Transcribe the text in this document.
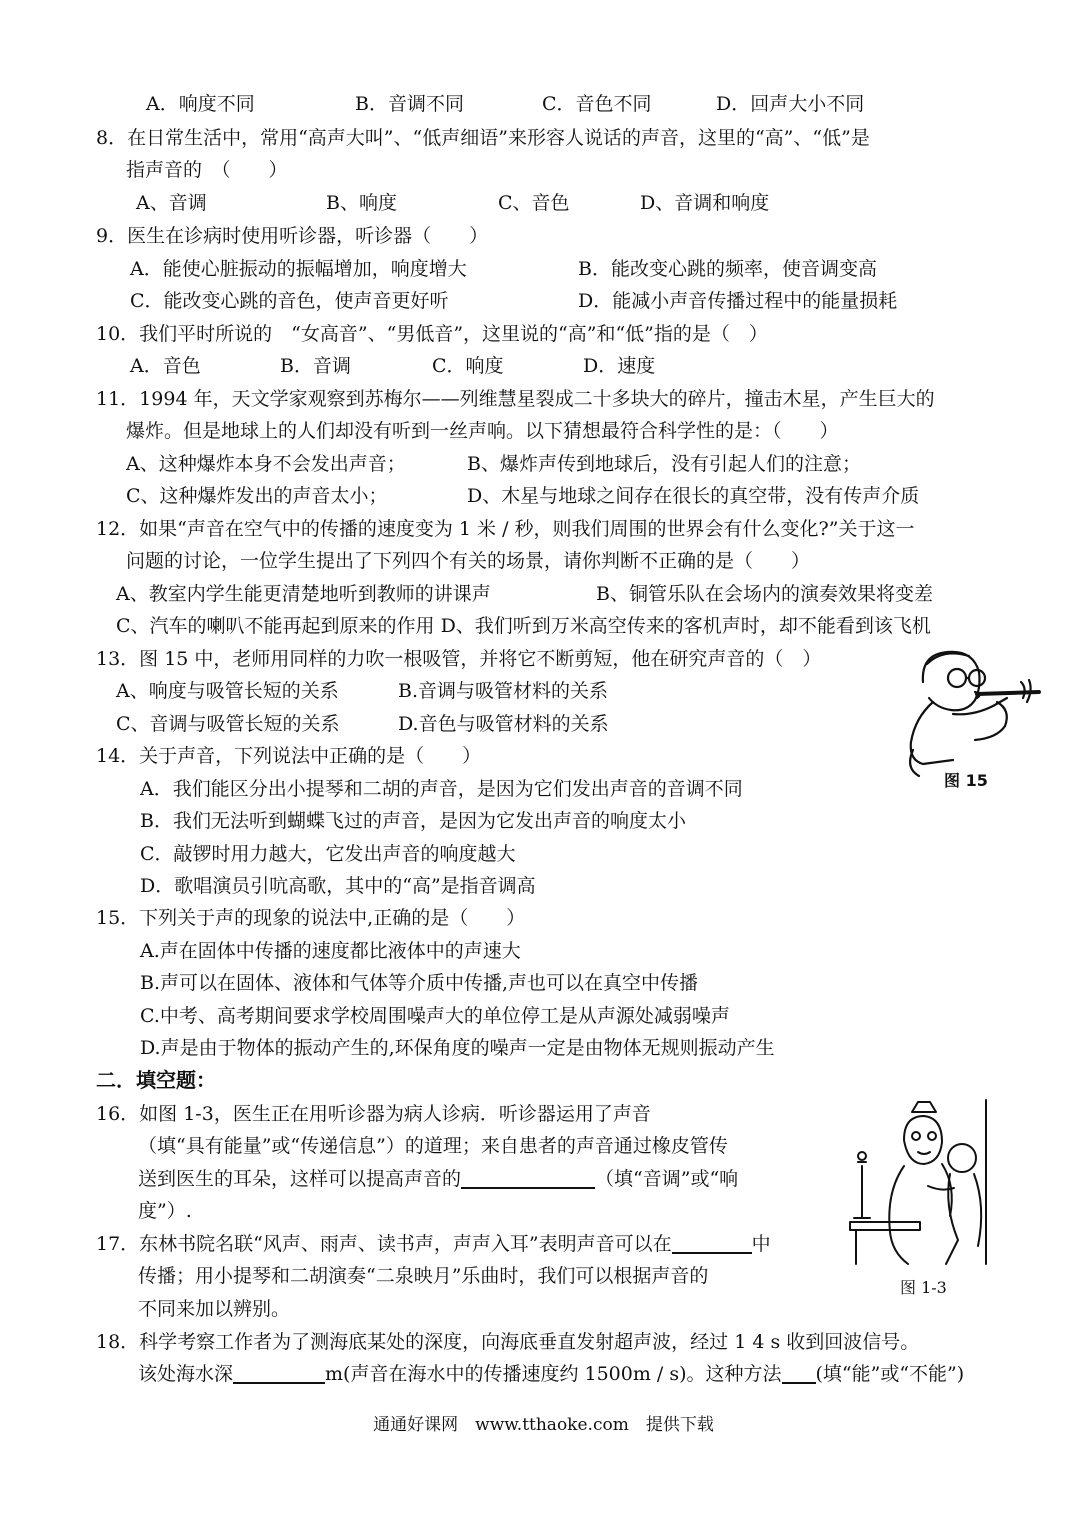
A．响度不同	B．音调不同	C．音色不同	D．回声大小不同
8．在日常生活中，常用“高声大叫”、“低声细语”来形容人说话的声音，这里的“高”、“低”是
指声音的　（　　）
A、音调	B、响度	C、音色	D、音调和响度
9．医生在诊病时使用听诊器，听诊器（　　）
A．能使心脏振动的振幅增加，响度增大	B．能改变心跳的频率，使音调变高
C．能改变心跳的音色，使声音更好听	D．能减小声音传播过程中的能量损耗
10．我们平时所说的　“女高音”、“男低音”，这里说的“高”和“低”指的是（　）
A．音色	B．音调	C．响度	D．速度
11．1994 年，天文学家观察到苏梅尔——列维慧星裂成二十多块大的碎片，撞击木星，产生巨大的
爆炸。但是地球上的人们却没有听到一丝声响。以下猜想最符合科学性的是：（　　）
A、这种爆炸本身不会发出声音；	B、爆炸声传到地球后，没有引起人们的注意；
C、这种爆炸发出的声音太小；	D、木星与地球之间存在很长的真空带，没有传声介质
12．如果“声音在空气中的传播的速度变为 1 米 / 秒，则我们周围的世界会有什么变化?”关于这一
问题的讨论，一位学生提出了下列四个有关的场景，请你判断不正确的是（　　）
A、教室内学生能更清楚地听到教师的讲课声	B、铜管乐队在会场内的演奏效果将变差
C、汽车的喇叭不能再起到原来的作用 D、我们听到万米高空传来的客机声时，却不能看到该飞机
13．图 15 中，老师用同样的力吹一根吸管，并将它不断剪短，他在研究声音的（　）
A、响度与吸管长短的关系	B.音调与吸管材料的关系
C、音调与吸管长短的关系	D.音色与吸管材料的关系
图 15
14．关于声音，下列说法中正确的是（　　）
A．我们能区分出小提琴和二胡的声音，是因为它们发出声音的音调不同
B．我们无法听到蝴蝶飞过的声音，是因为它发出声音的响度太小
C．敲锣时用力越大，它发出声音的响度越大
D．歌唱演员引吭高歌，其中的“高”是指音调高
15．下列关于声的现象的说法中,正确的是（　　）
A.声在固体中传播的速度都比液体中的声速大
B.声可以在固体、液体和气体等介质中传播,声也可以在真空中传播
C.中考、高考期间要求学校周围噪声大的单位停工是从声源处减弱噪声
D.声是由于物体的振动产生的,环保角度的噪声一定是由物体无规则振动产生
二．填空题：
16．如图 1-3，医生正在用听诊器为病人诊病．听诊器运用了声音
（填“具有能量”或“传递信息”）的道理；来自患者的声音通过橡皮管传
送到医生的耳朵，这样可以提高声音的	（填“音调”或“响
度”）.
图 1-3
17．东林书院名联“风声、雨声、读书声，声声入耳”表明声音可以在	中
传播；用小提琴和二胡演奏“二泉映月”乐曲时，我们可以根据声音的
不同来加以辨别。
18．科学考察工作者为了测海底某处的深度，向海底垂直发射超声波，经过 1 4 s 收到回波信号。
该处海水深	m(声音在海水中的传播速度约 1500m / s)。这种方法 (填“能”或“不能”)
通通好课网　www.tthaoke.com　提供下载
